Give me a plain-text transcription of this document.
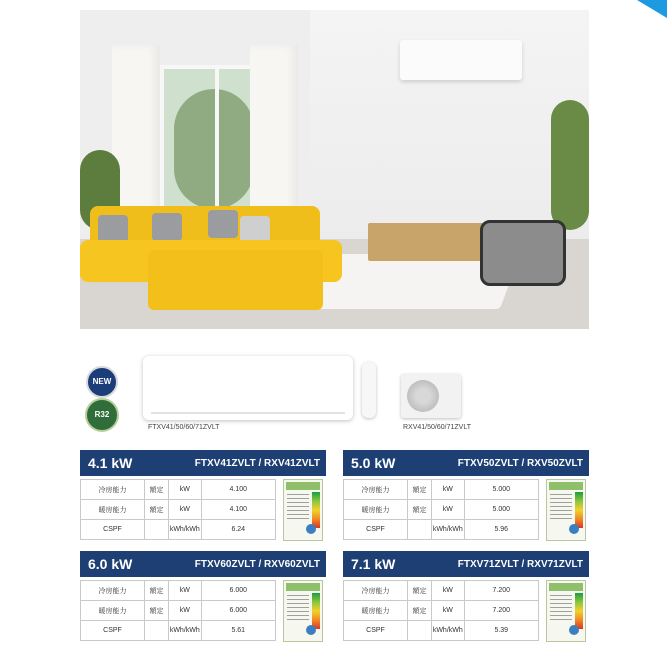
NEW
R32
FTXV41/50/60/71ZVLT	RXV41/50/60/71ZVLT
4.1 kW	FTXV41ZVLT / RXV41ZVLT
冷房能力	額定	kW	4.100
暖房能力	額定	kW	4.100
CSPF		kWh/kWh	6.24
5.0 kW	FTXV50ZVLT / RXV50ZVLT
冷房能力	額定	kW	5.000
暖房能力	額定	kW	5.000
CSPF		kWh/kWh	5.96
6.0 kW	FTXV60ZVLT / RXV60ZVLT
冷房能力	額定	kW	6.000
暖房能力	額定	kW	6.000
CSPF		kWh/kWh	5.61
7.1 kW	FTXV71ZVLT / RXV71ZVLT
冷房能力	額定	kW	7.200
暖房能力	額定	kW	7.200
CSPF		kWh/kWh	5.39
